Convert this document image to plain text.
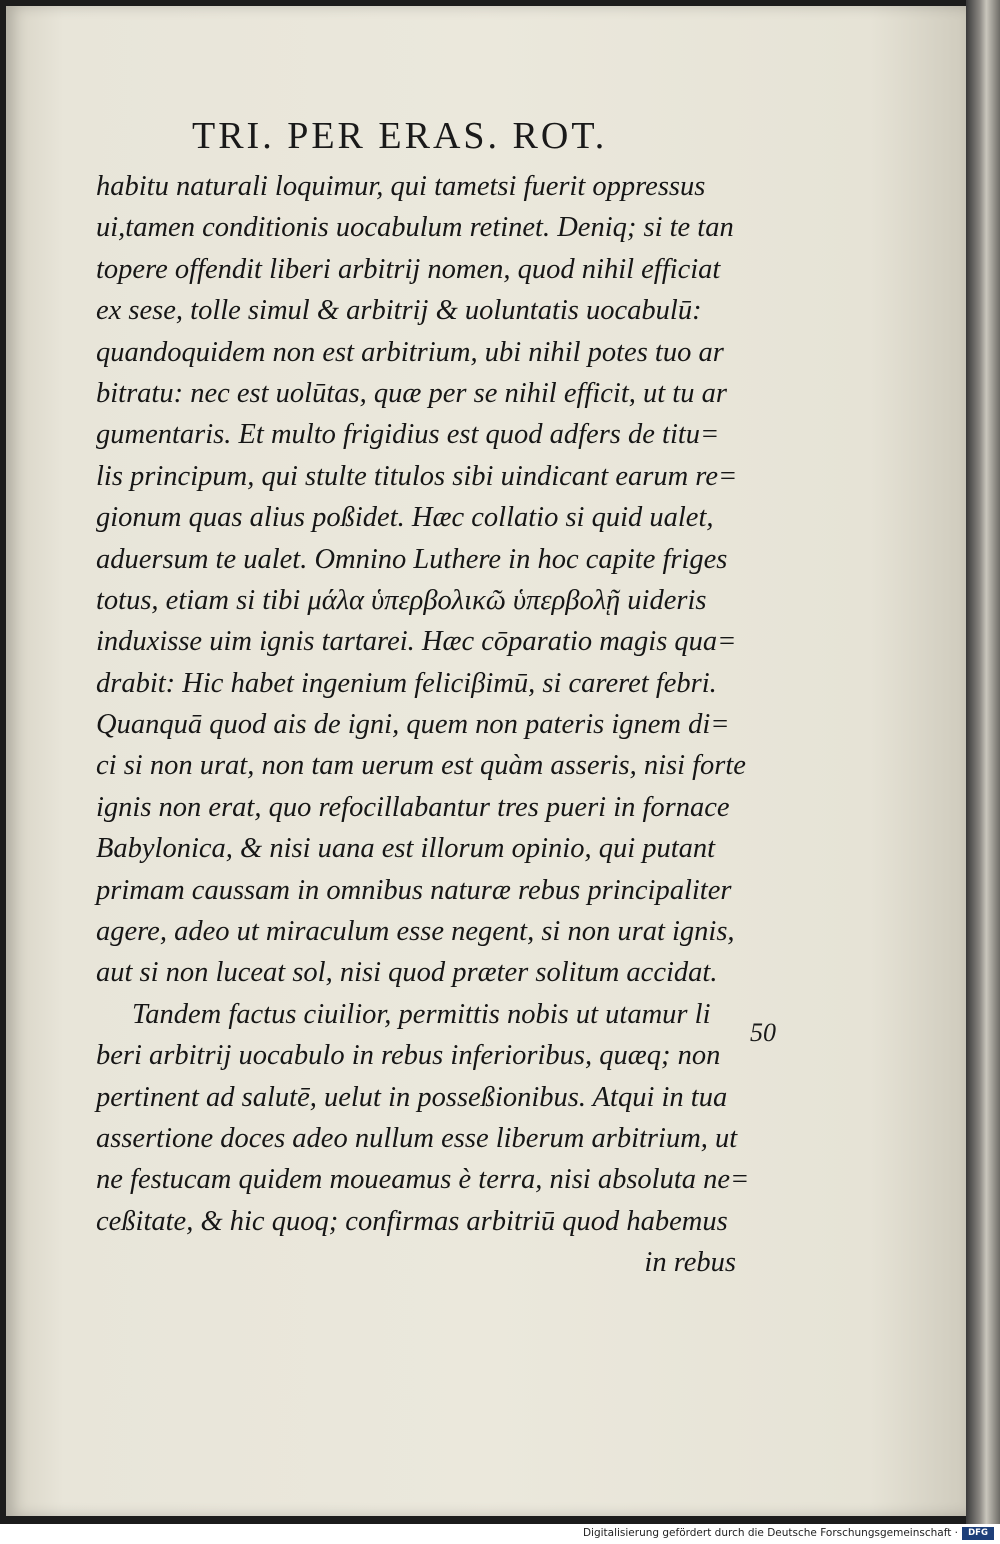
TRI. PER ERAS. ROT.
habitu naturali loquimur, qui tametsi fuerit oppressus
ui,tamen conditionis uocabulum retinet. Deniq; si te tan
topere offendit liberi arbitrij nomen, quod nihil efficiat
ex sese, tolle simul & arbitrij & uoluntatis uocabulū:
quandoquidem non est arbitrium, ubi nihil potes tuo ar
bitratu: nec est uolūtas, quæ per se nihil efficit, ut tu ar
gumentaris. Et multo frigidius est quod adfers de titu=
lis principum, qui stulte titulos sibi uindicant earum re=
gionum quas alius poßidet. Hæc collatio si quid ualet,
aduersum te ualet. Omnino Luthere in hoc capite friges
totus, etiam si tibi μάλα ὑπερβολικῶ ὑπερβολῇ uideris
induxisse uim ignis tartarei. Hæc cōparatio magis qua=
drabit: Hic habet ingenium feliciβimū, si careret febri.
Quanquā quod ais de igni, quem non pateris ignem di=
ci si non urat, non tam uerum est quàm asseris, nisi forte
ignis non erat, quo refocillabantur tres pueri in fornace
Babylonica, & nisi uana est illorum opinio, qui putant
primam caussam in omnibus naturæ rebus principaliter
agere, adeo ut miraculum esse negent, si non urat ignis,
aut si non luceat sol, nisi quod præter solitum accidat.
Tandem factus ciuilior, permittis nobis ut utamur li
beri arbitrij uocabulo in rebus inferioribus, quæq; non
pertinent ad salutē, uelut in posseßionibus. Atqui in tua
assertione doces adeo nullum esse liberum arbitrium, ut
ne festucam quidem moueamus è terra, nisi absoluta ne=
ceßitate, & hic quoq; confirmas arbitriū quod habemus
in rebus
50
Digitalisierung gefördert durch die Deutsche Forschungsgemeinschaft ·	DFG
